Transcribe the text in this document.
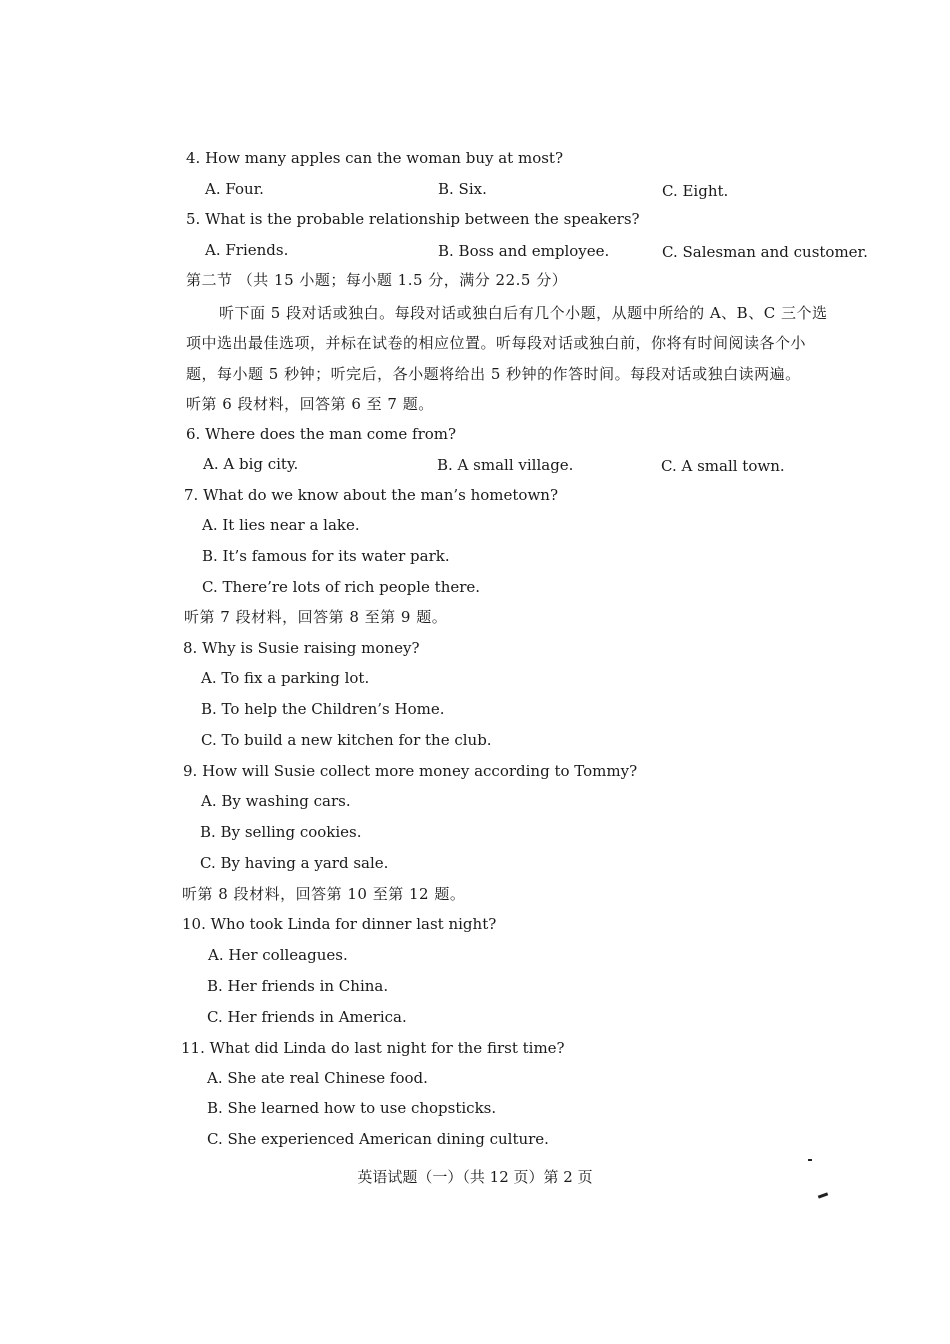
4. How many apples can the woman buy at most?
A. Four.	B. Six.	C. Eight.
5. What is the probable relationship between the speakers?
A. Friends.	B. Boss and employee.	C. Salesman and customer.
第二节 （共 15 小题；每小题 1.5 分，满分 22.5 分）
听下面 5 段对话或独白。每段对话或独白后有几个小题，从题中所给的 A、B、C 三个选
项中选出最佳选项，并标在试卷的相应位置。听每段对话或独白前，你将有时间阅读各个小
题，每小题 5 秒钟；听完后，各小题将给出 5 秒钟的作答时间。每段对话或独白读两遍。
听第 6 段材料，回答第 6 至 7 题。
6. Where does the man come from?
A. A big city.	B. A small village.	C. A small town.
7. What do we know about the man’s hometown?
A. It lies near a lake.
B. It’s famous for its water park.
C. There’re lots of rich people there.
听第 7 段材料，回答第 8 至第 9 题。
8. Why is Susie raising money?
A. To fix a parking lot.
B. To help the Children’s Home.
C. To build a new kitchen for the club.
9. How will Susie collect more money according to Tommy?
A. By washing cars.
B. By selling cookies.
C. By having a yard sale.
听第 8 段材料，回答第 10 至第 12 题。
10. Who took Linda for dinner last night?
A. Her colleagues.
B. Her friends in China.
C. Her friends in America.
11. What did Linda do last night for the first time?
A. She ate real Chinese food.
B. She learned how to use chopsticks.
C. She experienced American dining culture.
英语试题（一）（共 12 页）第 2 页
